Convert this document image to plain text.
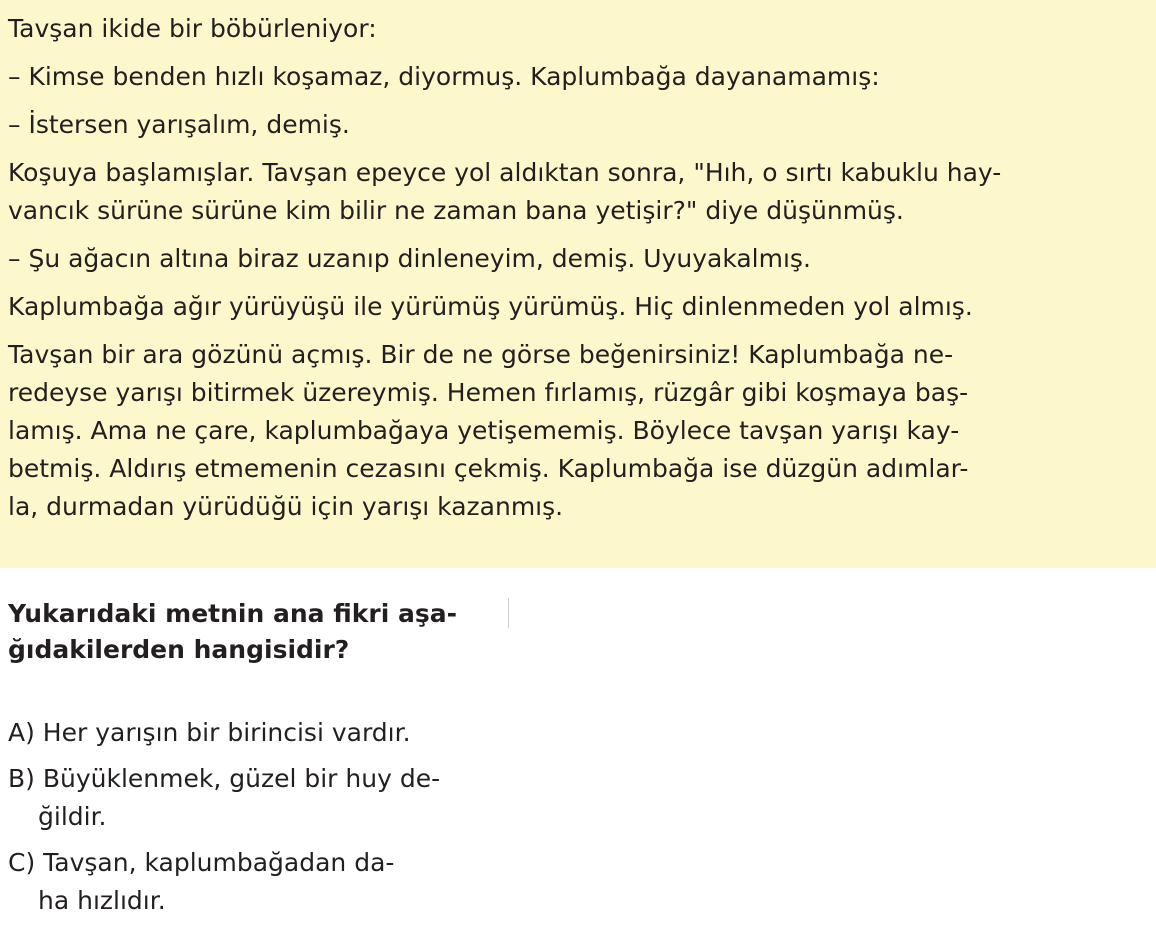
Tavşan ikide bir böbürleniyor:

– Kimse benden hızlı koşamaz, diyormuş. Kaplumbağa dayanamamış:

– İstersen yarışalım, demiş.

Koşuya başlamışlar. Tavşan epeyce yol aldıktan sonra, "Hıh, o sırtı kabuklu hay-
vancık sürüne sürüne kim bilir ne zaman bana yetişir?" diye düşünmüş.

– Şu ağacın altına biraz uzanıp dinleneyim, demiş. Uyuyakalmış.

Kaplumbağa ağır yürüyüşü ile yürümüş yürümüş. Hiç dinlenmeden yol almış.

Tavşan bir ara gözünü açmış. Bir de ne görse beğenirsiniz! Kaplumbağa ne-
redeyse yarışı bitirmek üzereymiş. Hemen fırlamış, rüzgâr gibi koşmaya baş-
lamış. Ama ne çare, kaplumbağaya yetişememiş. Böylece tavşan yarışı kay-
betmiş. Aldırış etmemenin cezasını çekmiş. Kaplumbağa ise düzgün adımlar-
la, durmadan yürüdüğü için yarışı kazanmış.

Yukarıdaki metnin ana fikri aşa-
ğıdakilerden hangisidir?

A) Her yarışın bir birincisi vardır.
B) Büyüklenmek, güzel bir huy de-
ğildir.
C) Tavşan, kaplumbağadan da-
ha hızlıdır.
